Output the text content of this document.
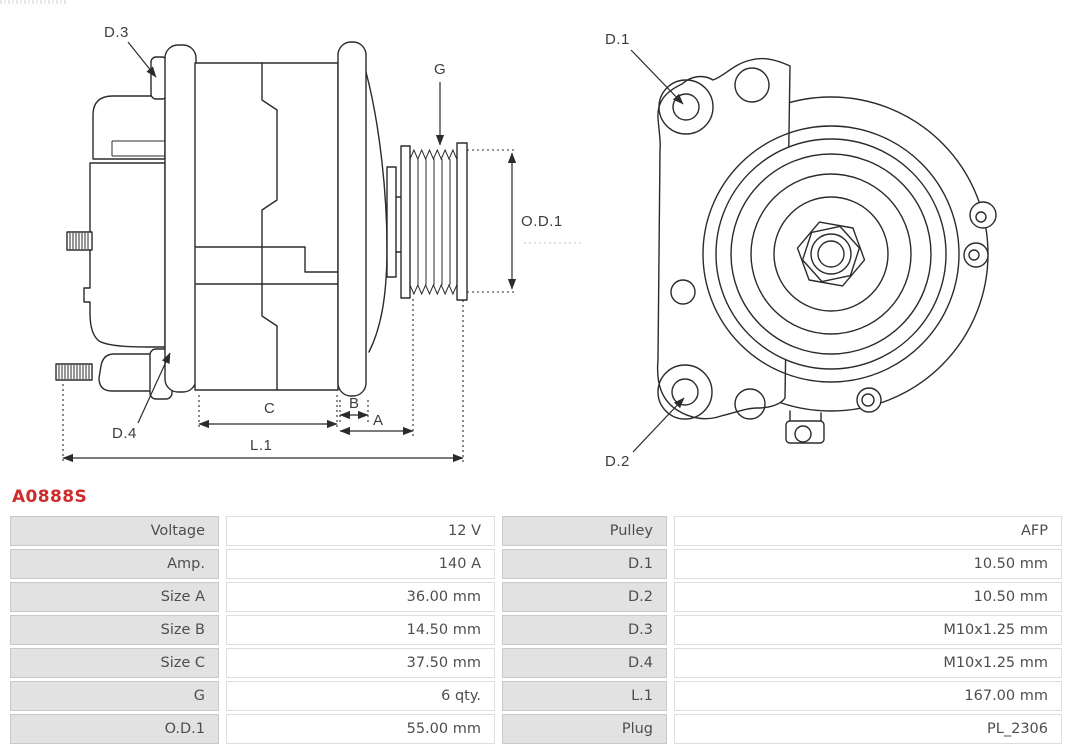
D.3
G
O.D.1
D.4
C	B
A
L.1
D.1
D.2
A0888S
Voltage	12 V	Pulley	AFP
Amp.	140 A	D.1	10.50 mm
Size A	36.00 mm	D.2	10.50 mm
Size B	14.50 mm	D.3	M10x1.25 mm
Size C	37.50 mm	D.4	M10x1.25 mm
G	6 qty.	L.1	167.00 mm
O.D.1	55.00 mm	Plug	PL_2306
